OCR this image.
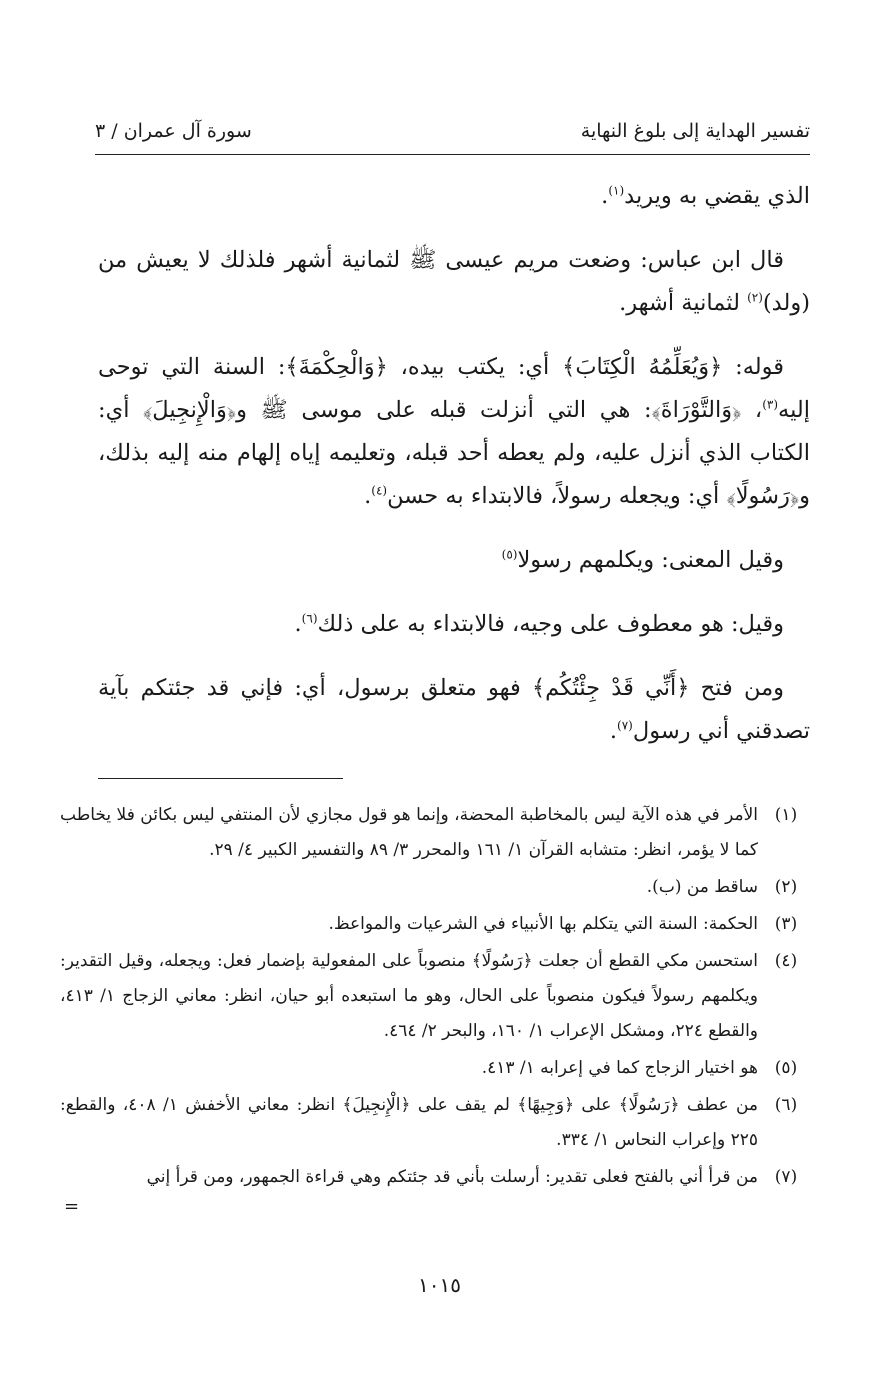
تفسير الهداية إلى بلوغ النهاية
سورة آل عمران / ٣

الذي يقضي به ويريد$^{(١)}$.

قال ابن عباس: وضعت مريم عيسى ﷺ لثمانية أشهر فلذلك لا يعيش من (ولد)$^{(٢)}$ لثمانية أشهر.

قوله: ﴿وَيُعَلِّمُهُ الْكِتَابَ﴾ أي: يكتب بيده، ﴿وَالْحِكْمَةَ﴾: السنة التي توحى إليه$^{(٣)}$، ﴿وَالتَّوْرَاةَ﴾: هي التي أنزلت قبله على موسى ﷺ و﴿وَالْإِنجِيلَ﴾ أي: الكتاب الذي أنزل عليه، ولم يعطه أحد قبله، وتعليمه إياه إلهام منه إليه بذلك، و﴿رَسُولًا﴾ أي: ويجعله رسولاً، فالابتداء به حسن$^{(٤)}$.

وقيل المعنى: ويكلمهم رسولا$^{(٥)}$

وقيل: هو معطوف على وجيه، فالابتداء به على ذلك$^{(٦)}$.

ومن فتح ﴿أَنِّي قَدْ جِئْتُكُم﴾ فهو متعلق برسول، أي: فإني قد جئتكم بآية تصدقني أني رسول$^{(٧)}$.

(١)
الأمر في هذه الآية ليس بالمخاطبة المحضة، وإنما هو قول مجازي لأن المنتفي ليس بكائن فلا يخاطب كما لا يؤمر، انظر: متشابه القرآن ١/ ١٦١ والمحرر ٣/ ٨٩ والتفسير الكبير ٤/ ٢٩.
(٢)
ساقط من (ب).
(٣)
الحكمة: السنة التي يتكلم بها الأنبياء في الشرعيات والمواعظ.
(٤)
استحسن مكي القطع أن جعلت ﴿رَسُولًا﴾ منصوباً على المفعولية بإضمار فعل: ويجعله، وقيل التقدير: ويكلمهم رسولاً فيكون منصوباً على الحال، وهو ما استبعده أبو حيان، انظر: معاني الزجاج ١/ ٤١٣، والقطع ٢٢٤، ومشكل الإعراب ١/ ١٦٠، والبحر ٢/ ٤٦٤.
(٥)
هو اختيار الزجاج كما في إعرابه ١/ ٤١٣.
(٦)
من عطف ﴿رَسُولًا﴾ على ﴿وَجِيهًا﴾ لم يقف على ﴿الْإِنجِيلَ﴾ انظر: معاني الأخفش ١/ ٤٠٨، والقطع: ٢٢٥ وإعراب النحاس ١/ ٣٣٤.
(٧)
من قرأ أني بالفتح فعلى تقدير: أرسلت بأني قد جئتكم وهي قراءة الجمهور، ومن قرأ إني
=
١٠١٥
